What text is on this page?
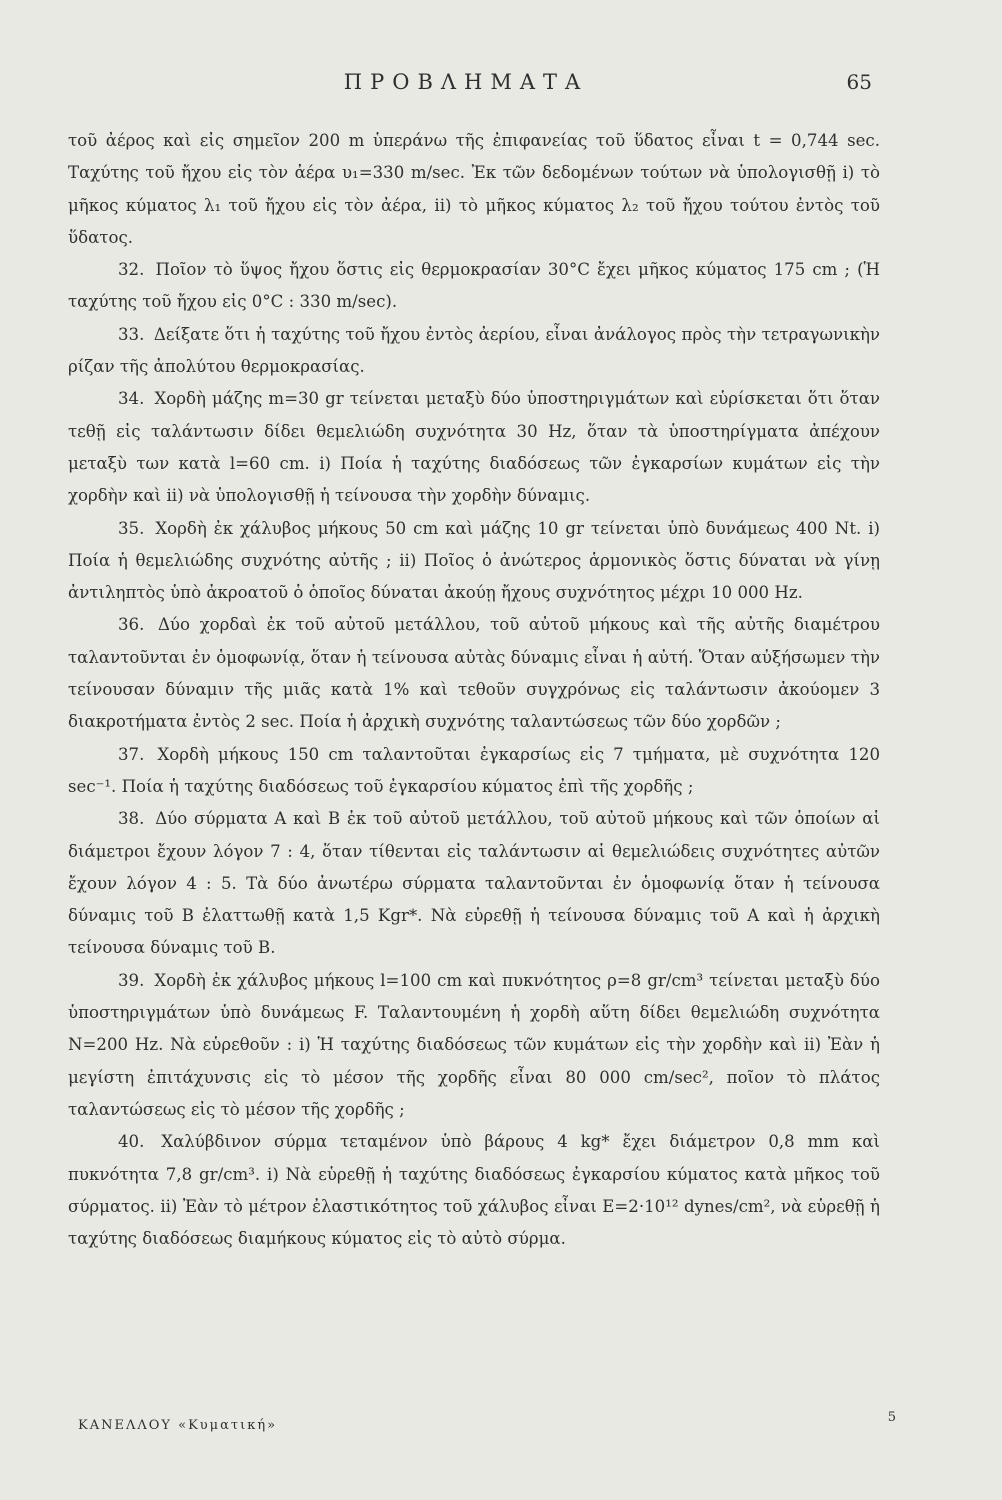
ΠΡΟΒΛΗΜΑΤΑ	65

τοῦ ἀέρος καὶ εἰς σημεῖον 200 m ὑπεράνω τῆς ἐπιφανείας τοῦ ὕδατος εἶναι t = 0,744 sec. Ταχύτης τοῦ ἤχου εἰς τὸν ἀέρα υ₁=330 m/sec. Ἐκ τῶν δεδομένων τούτων νὰ ὑπολογισθῇ i) τὸ μῆκος κύματος λ₁ τοῦ ἤχου εἰς τὸν ἀέρα, ii) τὸ μῆκος κύματος λ₂ τοῦ ἤχου τούτου ἐντὸς τοῦ ὕδατος.

32. Ποῖον τὸ ὕψος ἤχου ὅστις εἰς θερμοκρασίαν 30°C ἔχει μῆκος κύματος 175 cm ; (Ἡ ταχύτης τοῦ ἤχου εἰς 0°C : 330 m/sec).

33. Δείξατε ὅτι ἡ ταχύτης τοῦ ἤχου ἐντὸς ἀερίου, εἶναι ἀνάλογος πρὸς τὴν τετραγωνικὴν ρίζαν τῆς ἀπολύτου θερμοκρασίας.

34. Χορδὴ μάζης m=30 gr τείνεται μεταξὺ δύο ὑποστηριγμάτων καὶ εὑρίσκεται ὅτι ὅταν τεθῇ εἰς ταλάντωσιν δίδει θεμελιώδη συχνότητα 30 Hz, ὅταν τὰ ὑποστηρίγματα ἀπέχουν μεταξὺ των κατὰ l=60 cm. i) Ποία ἡ ταχύτης διαδόσεως τῶν ἐγκαρσίων κυμάτων εἰς τὴν χορδὴν καὶ ii) νὰ ὑπολογισθῇ ἡ τείνουσα τὴν χορδὴν δύναμις.

35. Χορδὴ ἐκ χάλυβος μήκους 50 cm καὶ μάζης 10 gr τείνεται ὑπὸ δυνάμεως 400 Nt. i) Ποία ἡ θεμελιώδης συχνότης αὐτῆς ; ii) Ποῖος ὁ ἀνώτερος ἁρμονικὸς ὅστις δύναται νὰ γίνῃ ἀντιληπτὸς ὑπὸ ἀκροατοῦ ὁ ὁποῖος δύναται ἀκούῃ ἤχους συχνότητος μέχρι 10 000 Hz.

36. Δύο χορδαὶ ἐκ τοῦ αὐτοῦ μετάλλου, τοῦ αὐτοῦ μήκους καὶ τῆς αὐτῆς διαμέτρου ταλαντοῦνται ἐν ὁμοφωνίᾳ, ὅταν ἡ τείνουσα αὐτὰς δύναμις εἶναι ἡ αὐτή. Ὅταν αὐξήσωμεν τὴν τείνουσαν δύναμιν τῆς μιᾶς κατὰ 1% καὶ τεθοῦν συγχρόνως εἰς ταλάντωσιν ἀκούομεν 3 διακροτήματα ἐντὸς 2 sec. Ποία ἡ ἀρχικὴ συχνότης ταλαντώσεως τῶν δύο χορδῶν ;

37. Χορδὴ μήκους 150 cm ταλαντοῦται ἐγκαρσίως εἰς 7 τμήματα, μὲ συχνότητα 120 sec⁻¹. Ποία ἡ ταχύτης διαδόσεως τοῦ ἐγκαρσίου κύματος ἐπὶ τῆς χορδῆς ;

38. Δύο σύρματα Α καὶ Β ἐκ τοῦ αὐτοῦ μετάλλου, τοῦ αὐτοῦ μήκους καὶ τῶν ὁποίων αἱ διάμετροι ἔχουν λόγον 7 : 4, ὅταν τίθενται εἰς ταλάντωσιν αἱ θεμελιώδεις συχνότητες αὐτῶν ἔχουν λόγον 4 : 5. Τὰ δύο ἀνωτέρω σύρματα ταλαντοῦνται ἐν ὁμοφωνίᾳ ὅταν ἡ τείνουσα δύναμις τοῦ Β ἐλαττωθῇ κατὰ 1,5 Kgr*. Νὰ εὑρεθῇ ἡ τείνουσα δύναμις τοῦ Α καὶ ἡ ἀρχικὴ τείνουσα δύναμις τοῦ Β.

39. Χορδὴ ἐκ χάλυβος μήκους l=100 cm καὶ πυκνότητος ρ=8 gr/cm³ τείνεται μεταξὺ δύο ὑποστηριγμάτων ὑπὸ δυνάμεως F. Ταλαντουμένη ἡ χορδὴ αὕτη δίδει θεμελιώδη συχνότητα N=200 Hz. Νὰ εὑρεθοῦν : i) Ἡ ταχύτης διαδόσεως τῶν κυμάτων εἰς τὴν χορδὴν καὶ ii) Ἐὰν ἡ μεγίστη ἐπιτάχυνσις εἰς τὸ μέσον τῆς χορδῆς εἶναι 80 000 cm/sec², ποῖον τὸ πλάτος ταλαντώσεως εἰς τὸ μέσον τῆς χορδῆς ;

40. Χαλύβδινον σύρμα τεταμένον ὑπὸ βάρους 4 kg* ἔχει διάμετρον 0,8 mm καὶ πυκνότητα 7,8 gr/cm³. i) Νὰ εὑρεθῇ ἡ ταχύτης διαδόσεως ἐγκαρσίου κύματος κατὰ μῆκος τοῦ σύρματος. ii) Ἐὰν τὸ μέτρον ἐλαστικότητος τοῦ χάλυβος εἶναι E=2·10¹² dynes/cm², νὰ εὑρεθῇ ἡ ταχύτης διαδόσεως διαμήκους κύματος εἰς τὸ αὐτὸ σύρμα.

ΚΑΝΕΛΛΟΥ «Κυματική»
5
